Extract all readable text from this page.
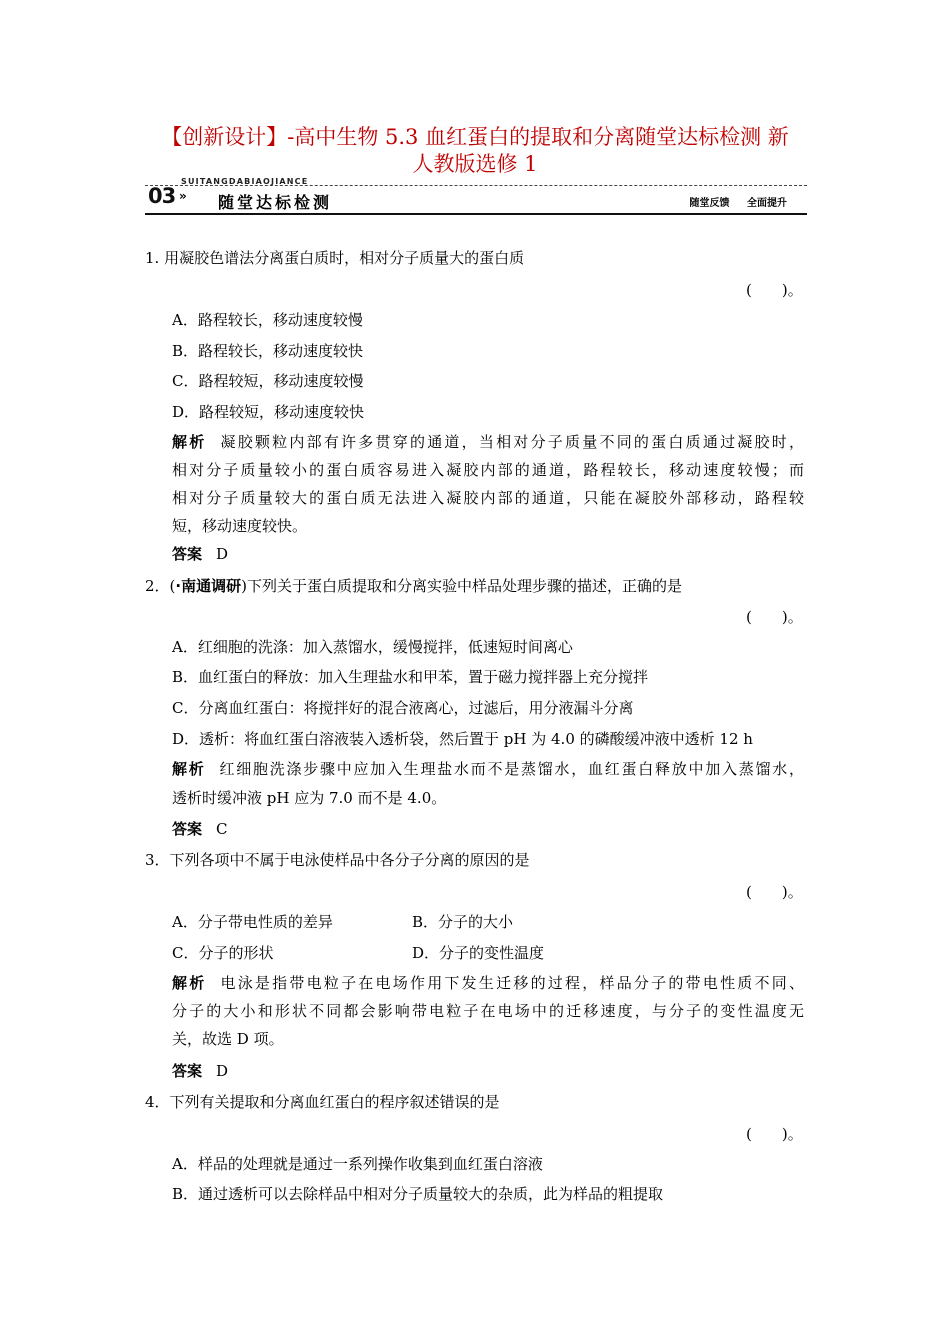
【创新设计】-高中生物 5.3 血红蛋白的提取和分离随堂达标检测 新
人教版选修 1
SUITANGDABIAOJIANCE
03 » 随堂达标检测	随堂反馈 全面提升
1. 用凝胶色谱法分离蛋白质时，相对分子质量大的蛋白质
(　　)。
A．路程较长，移动速度较慢
B．路程较长，移动速度较快
C．路程较短，移动速度较慢
D．路程较短，移动速度较快
解析 凝胶颗粒内部有许多贯穿的通道，当相对分子质量不同的蛋白质通过凝胶时，
相对分子质量较小的蛋白质容易进入凝胶内部的通道，路程较长，移动速度较慢；而
相对分子质量较大的蛋白质无法进入凝胶内部的通道，只能在凝胶外部移动，路程较
短，移动速度较快。
答案 D
2．(·南通调研)下列关于蛋白质提取和分离实验中样品处理步骤的描述，正确的是
(　　)。
A．红细胞的洗涤：加入蒸馏水，缓慢搅拌，低速短时间离心
B．血红蛋白的释放：加入生理盐水和甲苯，置于磁力搅拌器上充分搅拌
C．分离血红蛋白：将搅拌好的混合液离心，过滤后，用分液漏斗分离
D．透析：将血红蛋白溶液装入透析袋，然后置于 pH 为 4.0 的磷酸缓冲液中透析 12 h
解析 红细胞洗涤步骤中应加入生理盐水而不是蒸馏水，血红蛋白释放中加入蒸馏水，
透析时缓冲液 pH 应为 7.0 而不是 4.0。
答案 C
3．下列各项中不属于电泳使样品中各分子分离的原因的是
(　　)。
A．分子带电性质的差异	B．分子的大小
C．分子的形状	D．分子的变性温度
解析 电泳是指带电粒子在电场作用下发生迁移的过程，样品分子的带电性质不同、
分子的大小和形状不同都会影响带电粒子在电场中的迁移速度，与分子的变性温度无
关，故选 D 项。
答案 D
4．下列有关提取和分离血红蛋白的程序叙述错误的是
(　　)。
A．样品的处理就是通过一系列操作收集到血红蛋白溶液
B．通过透析可以去除样品中相对分子质量较大的杂质，此为样品的粗提取
